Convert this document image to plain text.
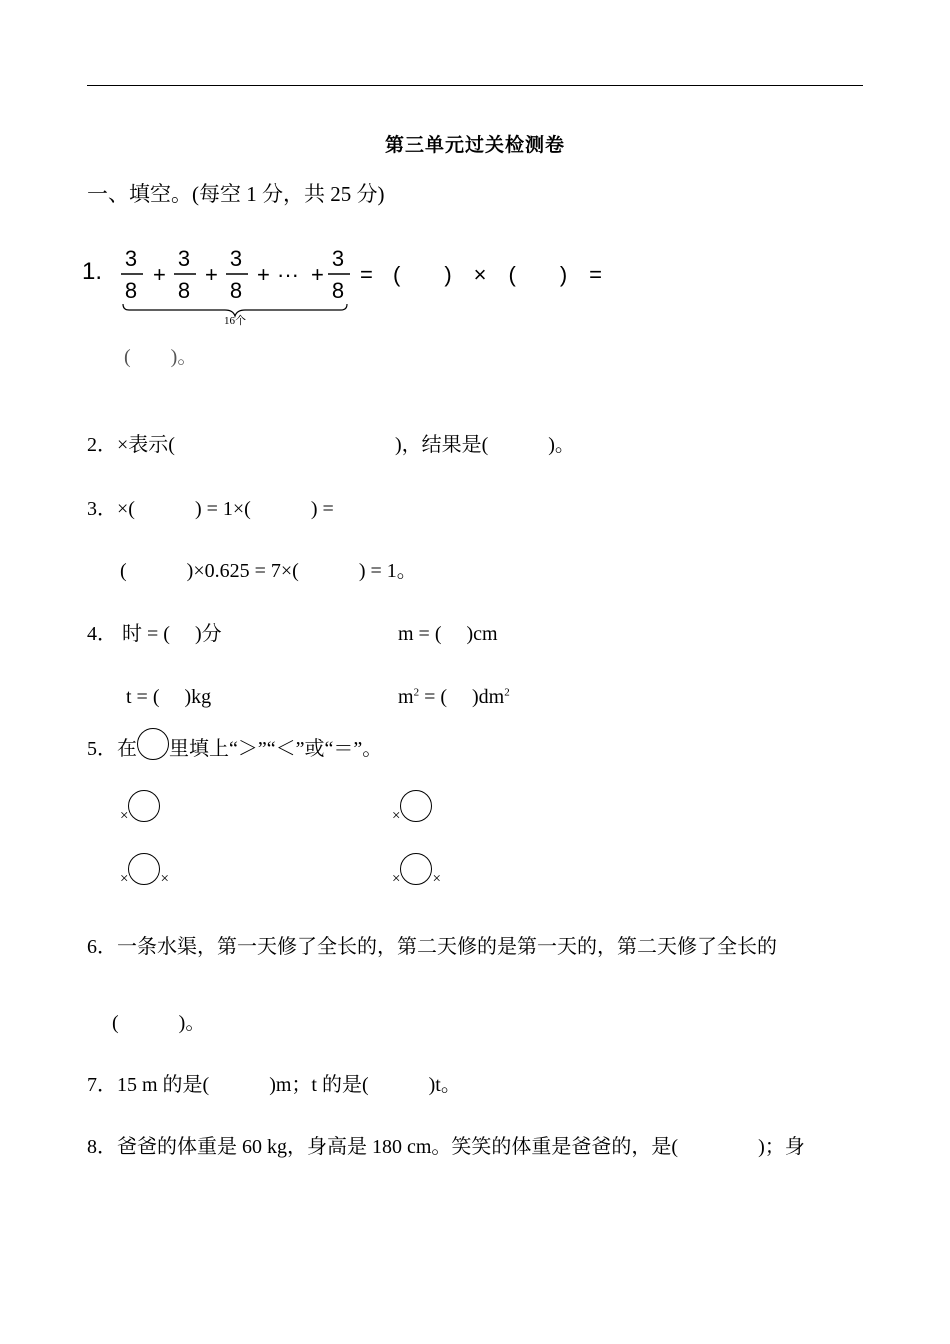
第三单元过关检测卷
一、填空。(每空 1 分，共 25 分)
1. 3
8
+
3
8
+
3
8
+ ··· +
3
8
= (　　)　×　(　　)　=
16个
(　　)。
2．×表示(　　　　　　　　　　　)，结果是(　　　)。
3．×(　　　) = 1×(　　　) =
(　　　)×0.625 = 7×(　　　) = 1。
4． 时 = (　 )分	m = (　 )cm
t = (　 )kg	$m^2$ = (　 )$dm^2$
5．在 里填上“＞”“＜”或“＝”。
×	×
× ×	× ×
6．一条水渠，第一天修了全长的，第二天修的是第一天的，第二天修了全长的
(　　　)。
7．15 m 的是(　　　)m；t 的是(　　　)t。
8．爸爸的体重是 60 kg，身高是 180 cm。笑笑的体重是爸爸的，是(　　　　)；身
